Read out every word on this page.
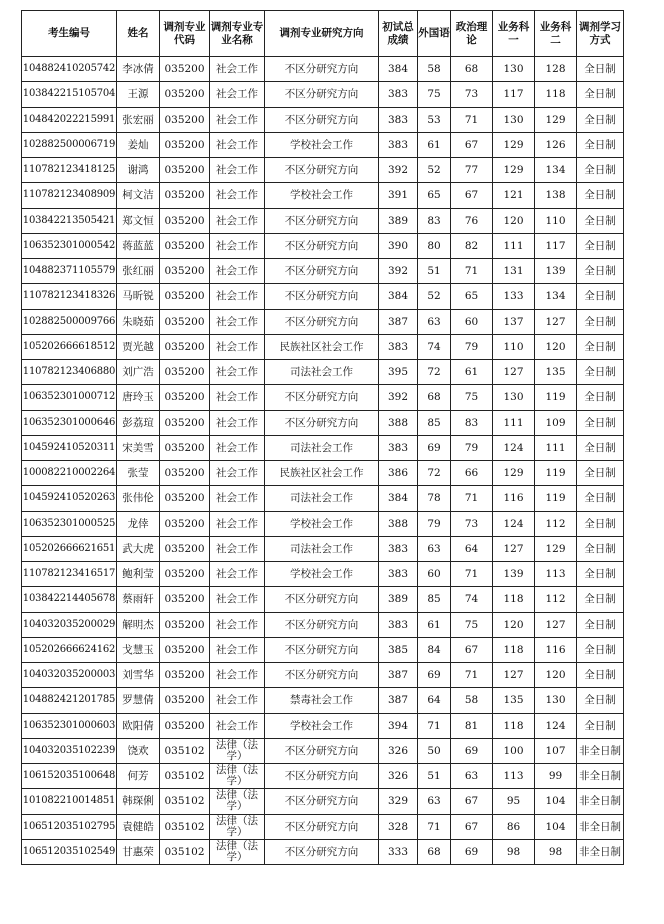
考生编号	姓名	调剂专业代码	调剂专业专业名称	调剂专业研究方向	初试总成绩	外国语	政治理论	业务科一	业务科二	调剂学习方式
104882410205742	李冰倩	035200	社会工作	不区分研究方向	384	58	68	130	128	全日制
103842215105704	王源	035200	社会工作	不区分研究方向	383	75	73	117	118	全日制
104842022215991	张宏丽	035200	社会工作	不区分研究方向	383	53	71	130	129	全日制
102882500006719	姜灿	035200	社会工作	学校社会工作	383	61	67	129	126	全日制
110782123418125	谢鸿	035200	社会工作	不区分研究方向	392	52	77	129	134	全日制
110782123408909	柯文洁	035200	社会工作	学校社会工作	391	65	67	121	138	全日制
103842213505421	郑文恒	035200	社会工作	不区分研究方向	389	83	76	120	110	全日制
106352301000542	蒋蓝蓝	035200	社会工作	不区分研究方向	390	80	82	111	117	全日制
104882371105579	张红丽	035200	社会工作	不区分研究方向	392	51	71	131	139	全日制
110782123418326	马昕锐	035200	社会工作	不区分研究方向	384	52	65	133	134	全日制
102882500009766	朱晓茹	035200	社会工作	不区分研究方向	387	63	60	137	127	全日制
105202666618512	贾光越	035200	社会工作	民族社区社会工作	383	74	79	110	120	全日制
110782123406880	刘广浩	035200	社会工作	司法社会工作	395	72	61	127	135	全日制
106352301000712	唐玲玉	035200	社会工作	不区分研究方向	392	68	75	130	119	全日制
106352301000646	彭荔瑄	035200	社会工作	不区分研究方向	388	85	83	111	109	全日制
104592410520311	宋美雪	035200	社会工作	司法社会工作	383	69	79	124	111	全日制
100082210002264	张莹	035200	社会工作	民族社区社会工作	386	72	66	129	119	全日制
104592410520263	张伟伦	035200	社会工作	司法社会工作	384	78	71	116	119	全日制
106352301000525	龙倖	035200	社会工作	学校社会工作	388	79	73	124	112	全日制
105202666621651	武大虎	035200	社会工作	司法社会工作	383	63	64	127	129	全日制
110782123416517	鲍利莹	035200	社会工作	学校社会工作	383	60	71	139	113	全日制
103842214405678	蔡雨轩	035200	社会工作	不区分研究方向	389	85	74	118	112	全日制
104032035200029	解明杰	035200	社会工作	不区分研究方向	383	61	75	120	127	全日制
105202666624162	戈慧玉	035200	社会工作	不区分研究方向	385	84	67	118	116	全日制
104032035200003	刘雪华	035200	社会工作	不区分研究方向	387	69	71	127	120	全日制
104882421201785	罗慧倩	035200	社会工作	禁毒社会工作	387	64	58	135	130	全日制
106352301000603	欧阳倩	035200	社会工作	学校社会工作	394	71	81	118	124	全日制
104032035102239	饶欢	035102	法律（法学）	不区分研究方向	326	50	69	100	107	非全日制
106152035100648	何芳	035102	法律（法学）	不区分研究方向	326	51	63	113	99	非全日制
101082210014851	韩琛俐	035102	法律（法学）	不区分研究方向	329	63	67	95	104	非全日制
106512035102795	袁健皓	035102	法律（法学）	不区分研究方向	328	71	67	86	104	非全日制
106512035102549	甘惠荣	035102	法律（法学）	不区分研究方向	333	68	69	98	98	非全日制
